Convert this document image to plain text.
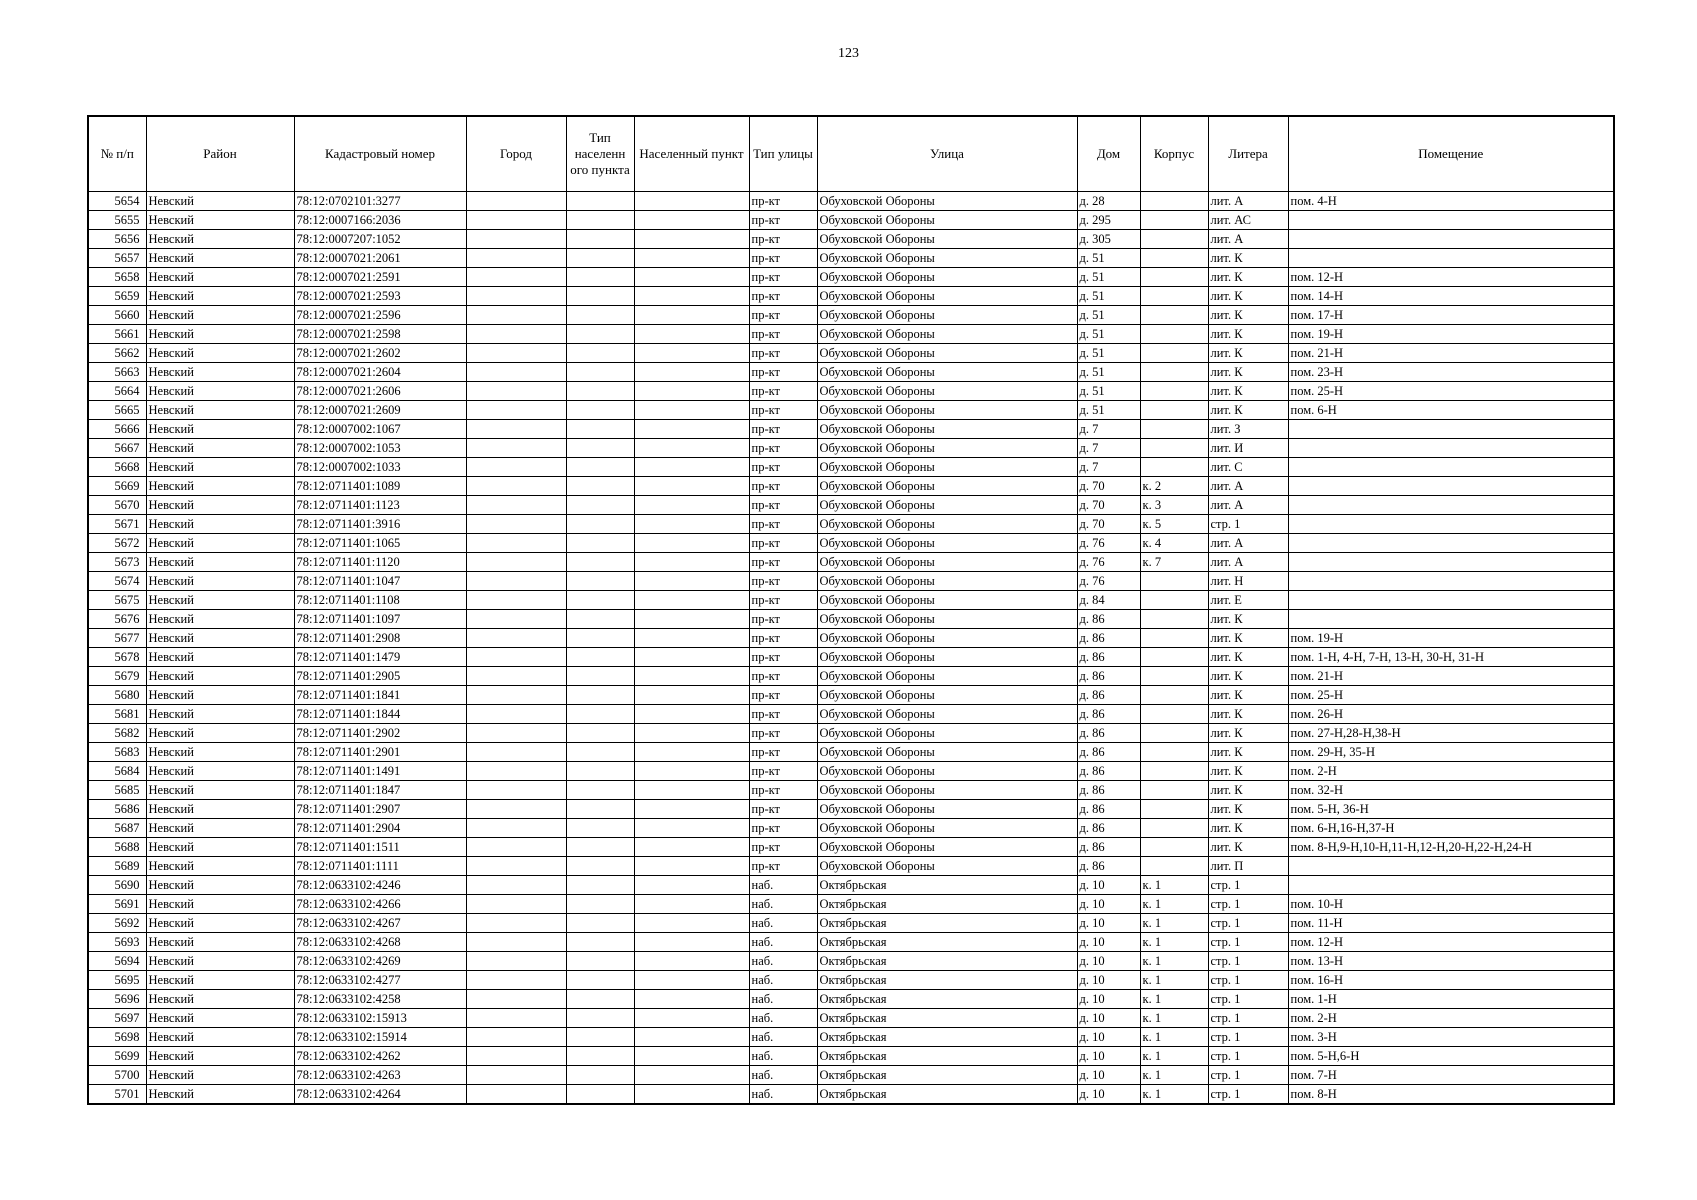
123
№ п/п	Район	Кадастровый номер	Город	Тип населенн ого пункта	Населенный пункт	Тип улицы	Улица	Дом	Корпус	Литера	Помещение
5654	Невский	78:12:0702101:3277				пр-кт	Обуховской Обороны	д. 28		лит. А	пом. 4-Н
5655	Невский	78:12:0007166:2036				пр-кт	Обуховской Обороны	д. 295		лит. АС	
5656	Невский	78:12:0007207:1052				пр-кт	Обуховской Обороны	д. 305		лит. А	
5657	Невский	78:12:0007021:2061				пр-кт	Обуховской Обороны	д. 51		лит. К	
5658	Невский	78:12:0007021:2591				пр-кт	Обуховской Обороны	д. 51		лит. К	пом. 12-Н
5659	Невский	78:12:0007021:2593				пр-кт	Обуховской Обороны	д. 51		лит. К	пом. 14-Н
5660	Невский	78:12:0007021:2596				пр-кт	Обуховской Обороны	д. 51		лит. К	пом. 17-Н
5661	Невский	78:12:0007021:2598				пр-кт	Обуховской Обороны	д. 51		лит. К	пом. 19-Н
5662	Невский	78:12:0007021:2602				пр-кт	Обуховской Обороны	д. 51		лит. К	пом. 21-Н
5663	Невский	78:12:0007021:2604				пр-кт	Обуховской Обороны	д. 51		лит. К	пом. 23-Н
5664	Невский	78:12:0007021:2606				пр-кт	Обуховской Обороны	д. 51		лит. К	пом. 25-Н
5665	Невский	78:12:0007021:2609				пр-кт	Обуховской Обороны	д. 51		лит. К	пом. 6-Н
5666	Невский	78:12:0007002:1067				пр-кт	Обуховской Обороны	д. 7		лит. З	
5667	Невский	78:12:0007002:1053				пр-кт	Обуховской Обороны	д. 7		лит. И	
5668	Невский	78:12:0007002:1033				пр-кт	Обуховской Обороны	д. 7		лит. С	
5669	Невский	78:12:0711401:1089				пр-кт	Обуховской Обороны	д. 70	к. 2	лит. А	
5670	Невский	78:12:0711401:1123				пр-кт	Обуховской Обороны	д. 70	к. 3	лит. А	
5671	Невский	78:12:0711401:3916				пр-кт	Обуховской Обороны	д. 70	к. 5	стр. 1	
5672	Невский	78:12:0711401:1065				пр-кт	Обуховской Обороны	д. 76	к. 4	лит. А	
5673	Невский	78:12:0711401:1120				пр-кт	Обуховской Обороны	д. 76	к. 7	лит. А	
5674	Невский	78:12:0711401:1047				пр-кт	Обуховской Обороны	д. 76		лит. Н	
5675	Невский	78:12:0711401:1108				пр-кт	Обуховской Обороны	д. 84		лит. Е	
5676	Невский	78:12:0711401:1097				пр-кт	Обуховской Обороны	д. 86		лит. К	
5677	Невский	78:12:0711401:2908				пр-кт	Обуховской Обороны	д. 86		лит. К	пом. 19-Н
5678	Невский	78:12:0711401:1479				пр-кт	Обуховской Обороны	д. 86		лит. К	пом. 1-Н, 4-Н, 7-Н, 13-Н, 30-Н, 31-Н
5679	Невский	78:12:0711401:2905				пр-кт	Обуховской Обороны	д. 86		лит. К	пом. 21-Н
5680	Невский	78:12:0711401:1841				пр-кт	Обуховской Обороны	д. 86		лит. К	пом. 25-Н
5681	Невский	78:12:0711401:1844				пр-кт	Обуховской Обороны	д. 86		лит. К	пом. 26-Н
5682	Невский	78:12:0711401:2902				пр-кт	Обуховской Обороны	д. 86		лит. К	пом. 27-Н,28-Н,38-Н
5683	Невский	78:12:0711401:2901				пр-кт	Обуховской Обороны	д. 86		лит. К	пом. 29-Н, 35-Н
5684	Невский	78:12:0711401:1491				пр-кт	Обуховской Обороны	д. 86		лит. К	пом. 2-Н
5685	Невский	78:12:0711401:1847				пр-кт	Обуховской Обороны	д. 86		лит. К	пом. 32-Н
5686	Невский	78:12:0711401:2907				пр-кт	Обуховской Обороны	д. 86		лит. К	пом. 5-Н, 36-Н
5687	Невский	78:12:0711401:2904				пр-кт	Обуховской Обороны	д. 86		лит. К	пом. 6-Н,16-Н,37-Н
5688	Невский	78:12:0711401:1511				пр-кт	Обуховской Обороны	д. 86		лит. К	пом. 8-Н,9-Н,10-Н,11-Н,12-Н,20-Н,22-Н,24-Н
5689	Невский	78:12:0711401:1111				пр-кт	Обуховской Обороны	д. 86		лит. П	
5690	Невский	78:12:0633102:4246				наб.	Октябрьская	д. 10	к. 1	стр. 1	
5691	Невский	78:12:0633102:4266				наб.	Октябрьская	д. 10	к. 1	стр. 1	пом. 10-Н
5692	Невский	78:12:0633102:4267				наб.	Октябрьская	д. 10	к. 1	стр. 1	пом. 11-Н
5693	Невский	78:12:0633102:4268				наб.	Октябрьская	д. 10	к. 1	стр. 1	пом. 12-Н
5694	Невский	78:12:0633102:4269				наб.	Октябрьская	д. 10	к. 1	стр. 1	пом. 13-Н
5695	Невский	78:12:0633102:4277				наб.	Октябрьская	д. 10	к. 1	стр. 1	пом. 16-Н
5696	Невский	78:12:0633102:4258				наб.	Октябрьская	д. 10	к. 1	стр. 1	пом. 1-Н
5697	Невский	78:12:0633102:15913				наб.	Октябрьская	д. 10	к. 1	стр. 1	пом. 2-Н
5698	Невский	78:12:0633102:15914				наб.	Октябрьская	д. 10	к. 1	стр. 1	пом. 3-Н
5699	Невский	78:12:0633102:4262				наб.	Октябрьская	д. 10	к. 1	стр. 1	пом. 5-Н,6-Н
5700	Невский	78:12:0633102:4263				наб.	Октябрьская	д. 10	к. 1	стр. 1	пом. 7-Н
5701	Невский	78:12:0633102:4264				наб.	Октябрьская	д. 10	к. 1	стр. 1	пом. 8-Н
